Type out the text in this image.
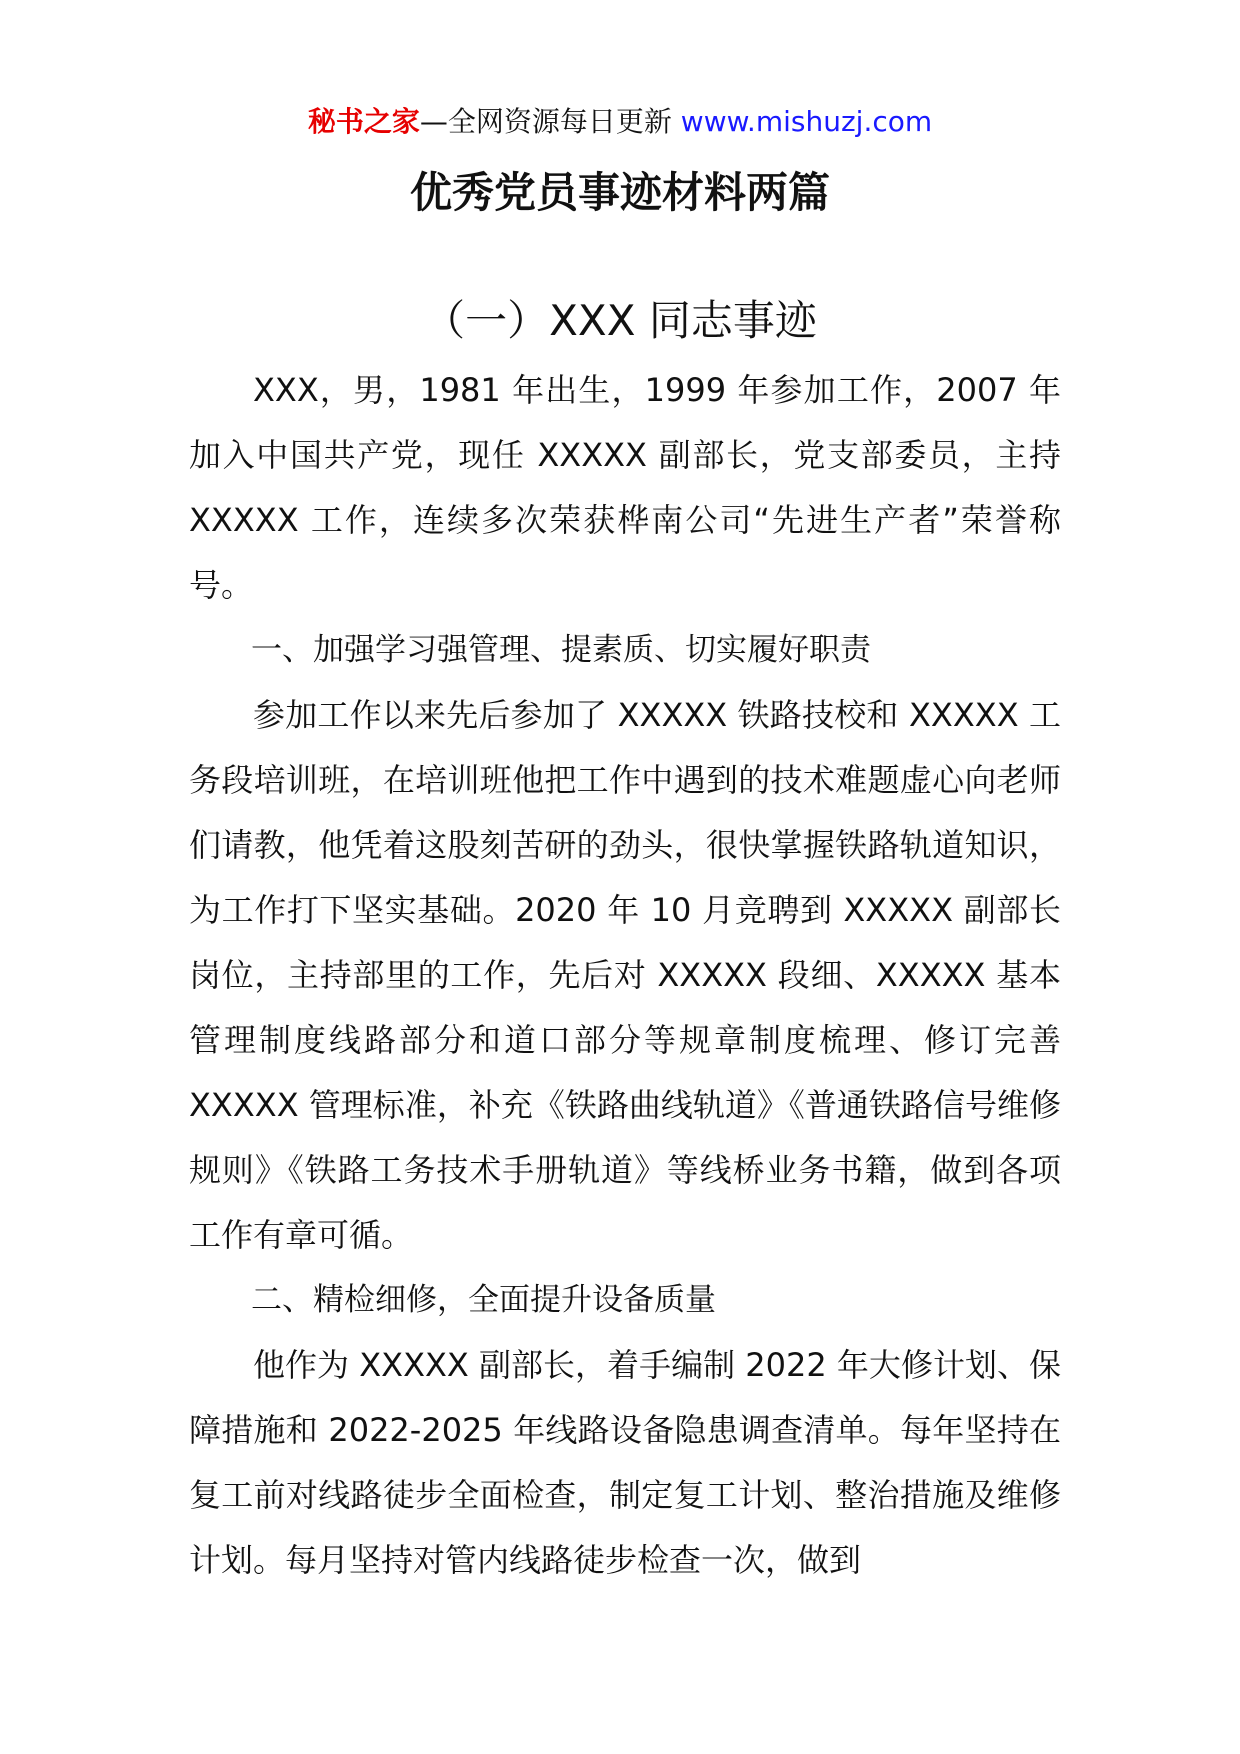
秘书之家—全网资源每日更新 www.mishuzj.com
优秀党员事迹材料两篇
（一）XXX 同志事迹

XXX，男，1981 年出生，1999 年参加工作，2007 年加入中国共产党，现任 XXXXX 副部长，党支部委员，主持 XXXXX 工作，连续多次荣获桦南公司“先进生产者”荣誉称号。

一、加强学习强管理、提素质、切实履好职责

参加工作以来先后参加了 XXXXX 铁路技校和 XXXXX 工务段培训班，在培训班他把工作中遇到的技术难题虚心向老师们请教，他凭着这股刻苦研的劲头，很快掌握铁路轨道知识，为工作打下坚实基础。2020 年 10 月竞聘到 XXXXX 副部长岗位，主持部里的工作，先后对 XXXXX 段细、XXXXX 基本管理制度线路部分和道口部分等规章制度梳理、修订完善 XXXXX 管理标准，补充《铁路曲线轨道》《普通铁路信号维修规则》《铁路工务技术手册轨道》等线桥业务书籍，做到各项工作有章可循。

二、精检细修，全面提升设备质量

他作为 XXXXX 副部长，着手编制 2022 年大修计划、保障措施和 2022-2025 年线路设备隐患调查清单。每年坚持在复工前对线路徒步全面检查，制定复工计划、整治措施及维修计划。每月坚持对管内线路徒步检查一次，做到
